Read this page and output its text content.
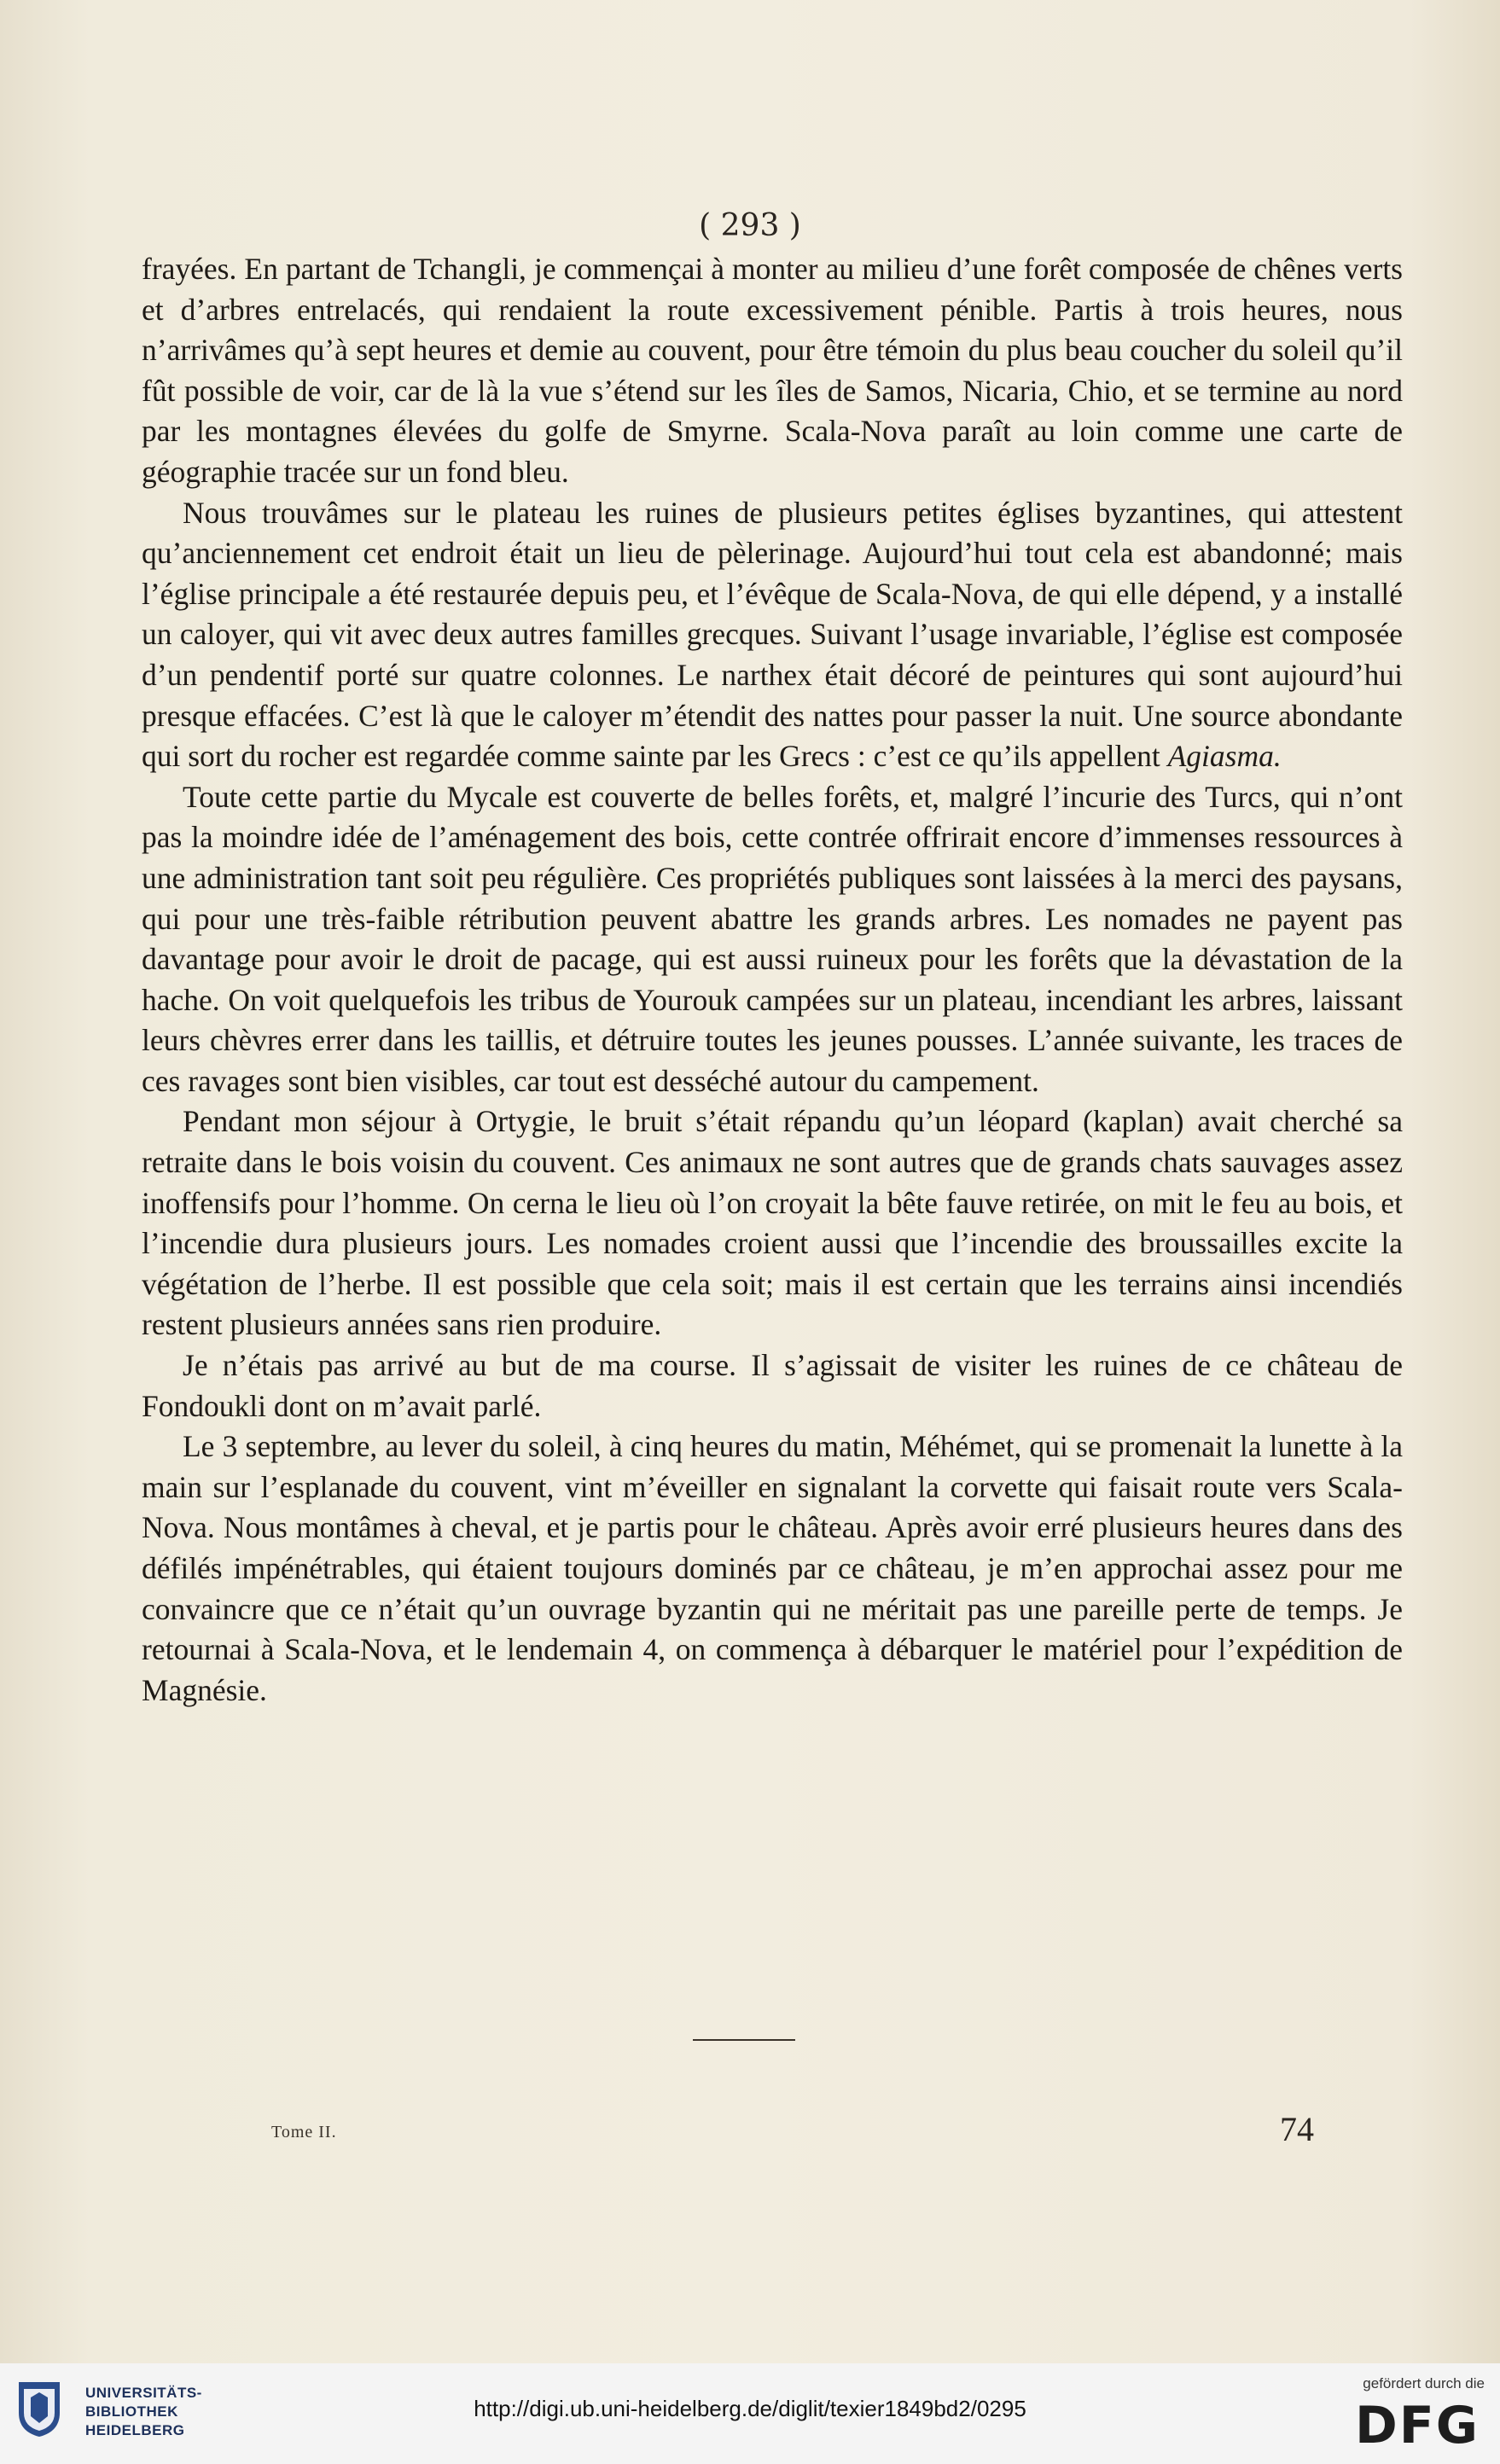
( 293 )

frayées. En partant de Tchangli, je commençai à monter au milieu d’une forêt composée de chênes verts et d’arbres entrelacés, qui rendaient la route excessivement pénible. Partis à trois heures, nous n’arrivâmes qu’à sept heures et demie au couvent, pour être témoin du plus beau coucher du soleil qu’il fût possible de voir, car de là la vue s’étend sur les îles de Samos, Nicaria, Chio, et se termine au nord par les montagnes élevées du golfe de Smyrne. Scala-Nova paraît au loin comme une carte de géographie tracée sur un fond bleu.

Nous trouvâmes sur le plateau les ruines de plusieurs petites églises byzantines, qui attestent qu’anciennement cet endroit était un lieu de pèlerinage. Aujourd’hui tout cela est abandonné; mais l’église principale a été restaurée depuis peu, et l’évêque de Scala-Nova, de qui elle dépend, y a installé un caloyer, qui vit avec deux autres familles grecques. Suivant l’usage invariable, l’église est composée d’un pendentif porté sur quatre colonnes. Le narthex était décoré de peintures qui sont aujourd’hui presque effacées. C’est là que le caloyer m’étendit des nattes pour passer la nuit. Une source abondante qui sort du rocher est regardée comme sainte par les Grecs : c’est ce qu’ils appellent Agiasma.

Toute cette partie du Mycale est couverte de belles forêts, et, malgré l’incurie des Turcs, qui n’ont pas la moindre idée de l’aménagement des bois, cette contrée offrirait encore d’immenses ressources à une administration tant soit peu régulière. Ces propriétés publiques sont laissées à la merci des paysans, qui pour une très-faible rétribution peuvent abattre les grands arbres. Les nomades ne payent pas davantage pour avoir le droit de pacage, qui est aussi ruineux pour les forêts que la dévastation de la hache. On voit quelquefois les tribus de Yourouk campées sur un plateau, incendiant les arbres, laissant leurs chèvres errer dans les taillis, et détruire toutes les jeunes pousses. L’année suivante, les traces de ces ravages sont bien visibles, car tout est desséché autour du campement.

Pendant mon séjour à Ortygie, le bruit s’était répandu qu’un léopard (kaplan) avait cherché sa retraite dans le bois voisin du couvent. Ces animaux ne sont autres que de grands chats sauvages assez inoffensifs pour l’homme. On cerna le lieu où l’on croyait la bête fauve retirée, on mit le feu au bois, et l’incendie dura plusieurs jours. Les nomades croient aussi que l’incendie des broussailles excite la végétation de l’herbe. Il est possible que cela soit; mais il est certain que les terrains ainsi incendiés restent plusieurs années sans rien produire.

Je n’étais pas arrivé au but de ma course. Il s’agissait de visiter les ruines de ce château de Fondoukli dont on m’avait parlé.

Le 3 septembre, au lever du soleil, à cinq heures du matin, Méhémet, qui se promenait la lunette à la main sur l’esplanade du couvent, vint m’éveiller en signalant la corvette qui faisait route vers Scala-Nova. Nous montâmes à cheval, et je partis pour le château. Après avoir erré plusieurs heures dans des défilés impénétrables, qui étaient toujours dominés par ce château, je m’en approchai assez pour me convaincre que ce n’était qu’un ouvrage byzantin qui ne méritait pas une pareille perte de temps. Je retournai à Scala-Nova, et le lendemain 4, on commença à débarquer le matériel pour l’expédition de Magnésie.

Tome II.	74
UNIVERSITÄTS-
BIBLIOTHEK
HEIDELBERG
http://digi.ub.uni-heidelberg.de/diglit/texier1849bd2/0295
gefördert durch die
DFG
